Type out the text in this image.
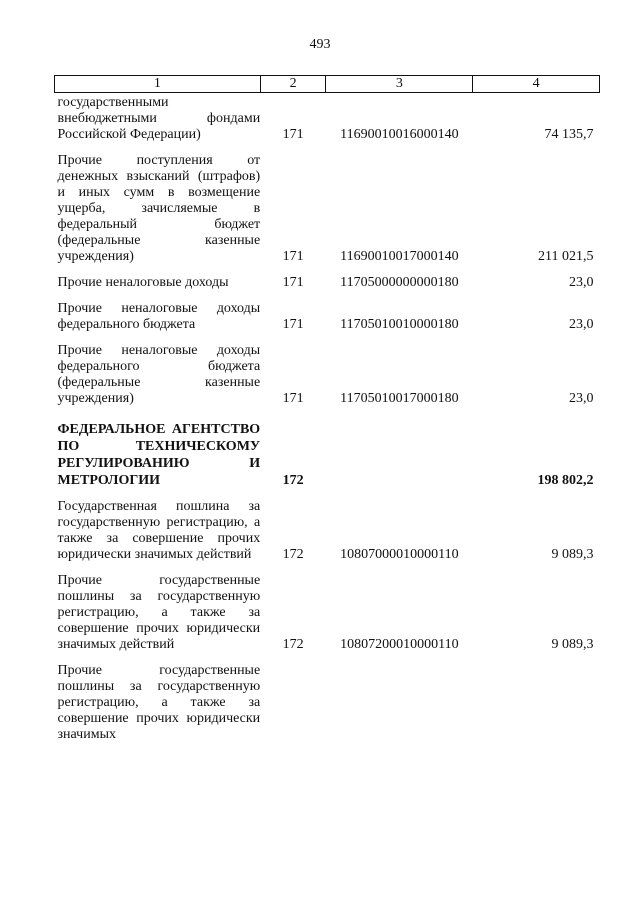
493
1	2	3	4
государственными внебюджетными фондами Российской Федерации)	171	11690010016000140	74 135,7
Прочие поступления от денежных взысканий (штрафов) и иных сумм в возмещение ущерба, зачисляемые в федеральный бюджет (федеральные казенные учреждения)	171	11690010017000140	211 021,5
Прочие неналоговые доходы	171	11705000000000180	23,0
Прочие неналоговые доходы федерального бюджета	171	11705010010000180	23,0
Прочие неналоговые доходы федерального бюджета (федеральные казенные учреждения)	171	11705010017000180	23,0
ФЕДЕРАЛЬНОЕ АГЕНТСТВО ПО ТЕХНИЧЕСКОМУ РЕГУЛИРОВАНИЮ И МЕТРОЛОГИИ	172		198 802,2
Государственная пошлина за государственную регистрацию, а также за совершение прочих юридически значимых действий	172	10807000010000110	9 089,3
Прочие государственные пошлины за государственную регистрацию, а также за совершение прочих юридически значимых действий	172	10807200010000110	9 089,3
Прочие государственные пошлины за государственную регистрацию, а также за совершение прочих юридически значимых			
